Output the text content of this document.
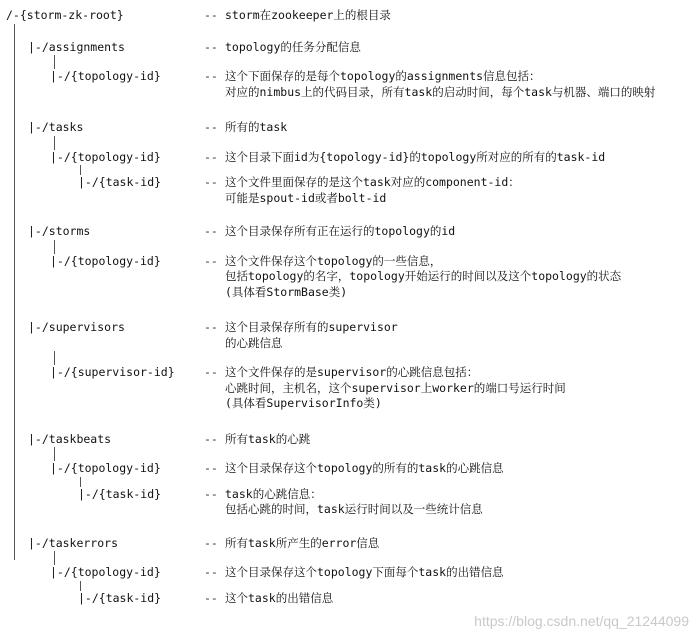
/-{storm-zk-root}	-- storm在zookeeper上的根目录
|-/assignments	-- topology的任务分配信息
|-/{topology-id}	-- 这个下面保存的是每个topology的assignments信息包括：
对应的nimbus上的代码目录，所有task的启动时间，每个task与机器、端口的映射
|-/tasks	-- 所有的task
|-/{topology-id}	-- 这个目录下面id为{topology-id}的topology所对应的所有的task-id
|-/{task-id}	-- 这个文件里面保存的是这个task对应的component-id：
可能是spout-id或者bolt-id
|-/storms	-- 这个目录保存所有正在运行的topology的id
|-/{topology-id}	-- 这个文件保存这个topology的一些信息，
包括topology的名字，topology开始运行的时间以及这个topology的状态
(具体看StormBase类)
|-/supervisors	-- 这个目录保存所有的supervisor
的心跳信息
|-/{supervisor-id}	-- 这个文件保存的是supervisor的心跳信息包括：
心跳时间，主机名，这个supervisor上worker的端口号运行时间
(具体看SupervisorInfo类)
|-/taskbeats	-- 所有task的心跳
|-/{topology-id}	-- 这个目录保存这个topology的所有的task的心跳信息
|-/{task-id}	-- task的心跳信息：
包括心跳的时间，task运行时间以及一些统计信息
|-/taskerrors	-- 所有task所产生的error信息
|-/{topology-id}	-- 这个目录保存这个topology下面每个task的出错信息
|-/{task-id}	-- 这个task的出错信息
https://blog.csdn.net/qq_21244099
